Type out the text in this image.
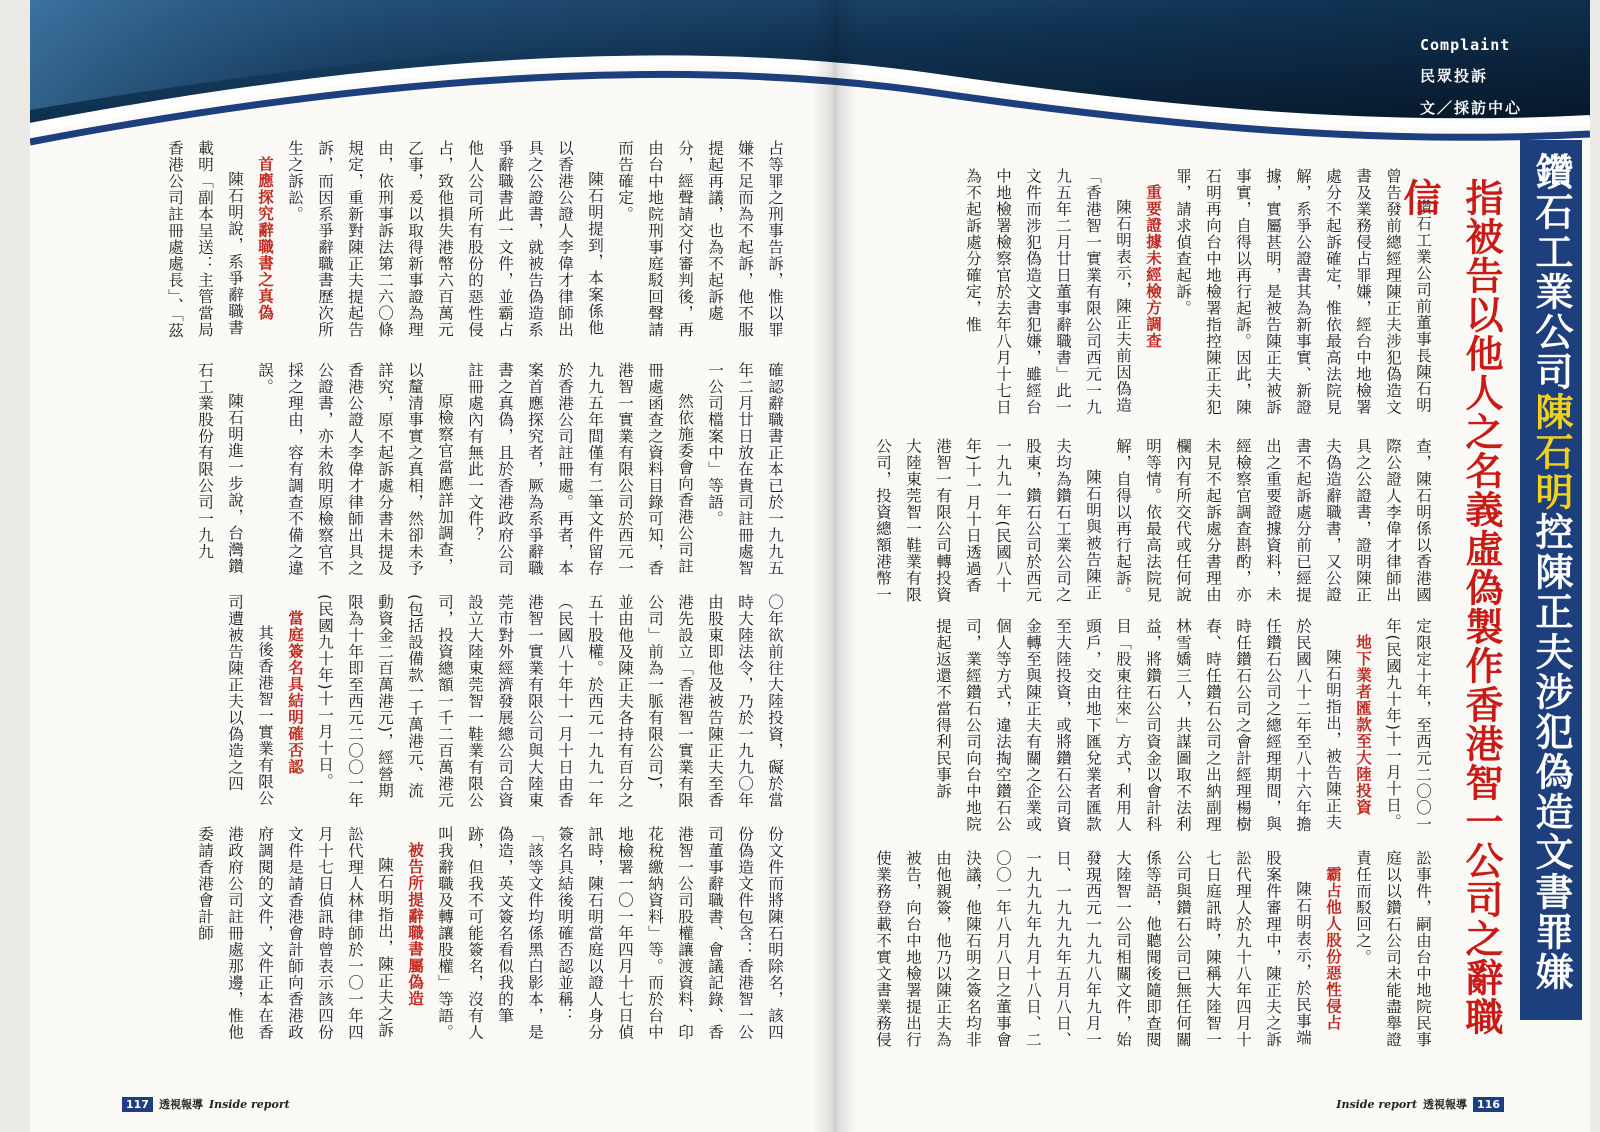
Complaint
民眾投訴
文／採訪中心
鑽石工業公司陳石明控陳正夫涉犯偽造文書罪嫌
指被告以他人之名義虛偽製作香港智一公司之辭職信

鑽石工業公司前董事長陳石明曾告發前總經理陳正夫涉犯偽造文書及業務侵占罪嫌，經台中地檢署處分不起訴確定，惟依最高法院見解，系爭公證書其為新事實、新證據，實屬甚明，是被告陳正夫被訴事實，自得以再行起訴。因此，陳石明再向台中地檢署指控陳正夫犯罪，請求偵查起訴。

重要證據未經檢方調查

陳石明表示，陳正夫前因偽造「香港智一實業有限公司西元一九九五年二月廿日董事辭職書」此一文件而涉犯偽造文書犯嫌，雖經台中地檢署檢察官於去年八月十七日為不起訴處分確定，惟

查，陳石明係以香港國際公證人李偉才律師出具之公證書，證明陳正夫偽造辭職書，又公證書不起訴處分前已經提出之重要證據資料，未經檢察官調查斟酌，亦未見不起訴處分書理由欄內有所交代或任何說明等情。依最高法院見解，自得以再行起訴。

陳石明與被告陳正夫均為鑽石工業公司之股東，鑽石公司於西元一九九一年(民國八十年)十一月十日透過香港智一有限公司轉投資大陸東莞智一鞋業有限公司，投資總額港幣一

定限定十年，至西元二〇〇一年(民國九十年)十一月十日。

地下業者匯款至大陸投資

陳石明指出，被告陳正夫於民國八十二年至八十六年擔任鑽石公司之總經理期間，與時任鑽石公司之會計經理楊樹春、時任鑽石公司之出納副理林雪嬌三人，共謀圖取不法利益，將鑽石公司資金以會計科目「股東往來」方式，利用人頭戶，交由地下匯兌業者匯款至大陸投資，或將鑽石公司資金轉至與陳正夫有關之企業或個人等方式，違法掏空鑽石公司，業經鑽石公司向台中地院提起返還不當得利民事訴

訟事件，嗣由台中地院民事庭以以鑽石公司未能盡舉證責任而駁回之。

霸占他人股份惡性侵占

陳石明表示，於民事端股案件審理中，陳正夫之訴訟代理人於九十八年四月十七日庭訊時，陳稱大陸智一公司與鑽石公司已無任何關係等語，他聽聞後隨即查閱大陸智一公司相關文件，始發現西元一九九八年九月一日、一九九九年五月八日、一九九九年九月十八日、二〇〇一年八月八日之董事會決議，他陳石明之簽名均非由他親簽，他乃以陳正夫為被告，向台中地檢署提出行使業務登載不實文書業務侵

占等罪之刑事告訴，惟以罪嫌不足而為不起訴，他不服提起再議，也為不起訴處分，經聲請交付審判後，再由台中地院刑事庭駁回聲請而告確定。

陳石明提到，本案係他以香港公證人李偉才律師出具之公證書，就被告偽造系爭辭職書此一文件，並霸占他人公司所有股份的惡性侵占，致他損失港幣六百萬元乙事，爰以取得新事證為理由，依刑事訴法第二六〇條規定，重新對陳正夫提起告訴，而因系爭辭職書歷次所生之訴訟。

首應探究辭職書之真偽

陳石明說，系爭辭職書載明「副本呈送：主管當局香港公司註冊處處長」、「茲

確認辭職書正本已於一九九五年二月廿日放在貴司註冊處智一公司檔案中」等語。

然依施委會向香港公司註冊處函查之資料目錄可知，香港智一實業有限公司於西元一九九五年間僅有二筆文件留存於香港公司註冊處。再者，本案首應探究者，厥為系爭辭職書之真偽，且於香港政府公司註冊處內有無此一文件？

原檢察官當應詳加調查，以釐清事實之真相，然卻未予詳究，原不起訴處分書未提及香港公證人李偉才律師出具之公證書，亦未敘明原檢察官不採之理由，容有調查不備之違誤。

陳石明進一步說，台灣鑽石工業股份有限公司一九九

〇年欲前往大陸投資，礙於當時大陸法令，乃於一九九〇年由股東即他及被告陳正夫至香港先設立「香港智一實業有限公司」前為一脈有限公司)，並由他及陳正夫各持有百分之五十股權。於西元一九九一年（民國八十年十一月十日由香港智一實業有限公司與大陸東莞市對外經濟發展總公司合資設立大陸東莞智一鞋業有限公司，投資總額一千二百萬港元(包括設備款一千萬港元、流動資金二百萬港元)，經營期限為十年即至西元二〇〇一年(民國九十年)十一月十日。

當庭簽名具結明確否認

其後香港智一實業有限公司遭被告陳正夫以偽造之四

份文件而將陳石明除名，該四份偽造文件包含：香港智一公司董事辭職書、會議記錄、香港智一公司股權讓渡資料、印花稅繳納資料」等。而於台中地檢署一〇一年四月十七日偵訊時，陳石明當庭以證人身分簽名具結後明確否認並稱：「該等文件均係黑白影本，是偽造，英文簽名看似我的筆跡，但我不可能簽名，沒有人叫我辭職及轉讓股權」等語。

被告所提辭職書屬偽造

陳石明指出，陳正夫之訴訟代理人林律師於一〇一年四月十七日偵訊時曾表示該四份文件是請香港會計師向香港政府調閱的文件，文件正本在香港政府公司註冊處那邊，惟他委請香港會計師

117 透視報導 Inside report	Inside report 透視報導 116
